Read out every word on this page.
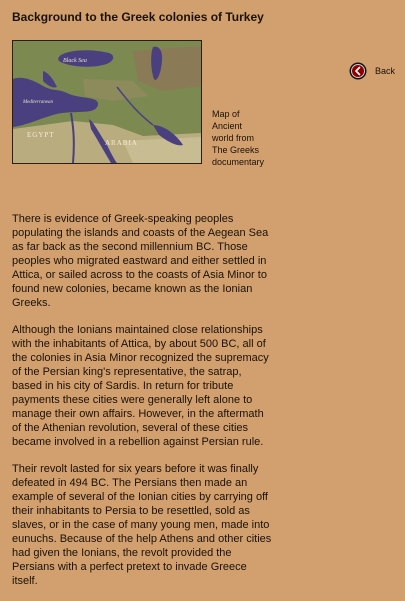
Background to the Greek colonies of Turkey
Black Sea
Mediterranean
EGYPT
ARABIA
Map of
Ancient
world from
The Greeks
documentary
Back

There is evidence of Greek-speaking peoples populating the islands and coasts of the Aegean Sea as far back as the second millennium BC. Those peoples who migrated eastward and either settled in Attica, or sailed across to the coasts of Asia Minor to found new colonies, became known as the Ionian Greeks.

Although the Ionians maintained close relationships with the inhabitants of Attica, by about 500 BC, all of the colonies in Asia Minor recognized the supremacy of the Persian king's representative, the satrap, based in his city of Sardis. In return for tribute payments these cities were generally left alone to manage their own affairs. However, in the aftermath of the Athenian revolution, several of these cities became involved in a rebellion against Persian rule.

Their revolt lasted for six years before it was finally defeated in 494 BC. The Persians then made an example of several of the Ionian cities by carrying off their inhabitants to Persia to be resettled, sold as slaves, or in the case of many young men, made into eunuchs. Because of the help Athens and other cities had given the Ionians, the revolt provided the Persians with a perfect pretext to invade Greece itself.
